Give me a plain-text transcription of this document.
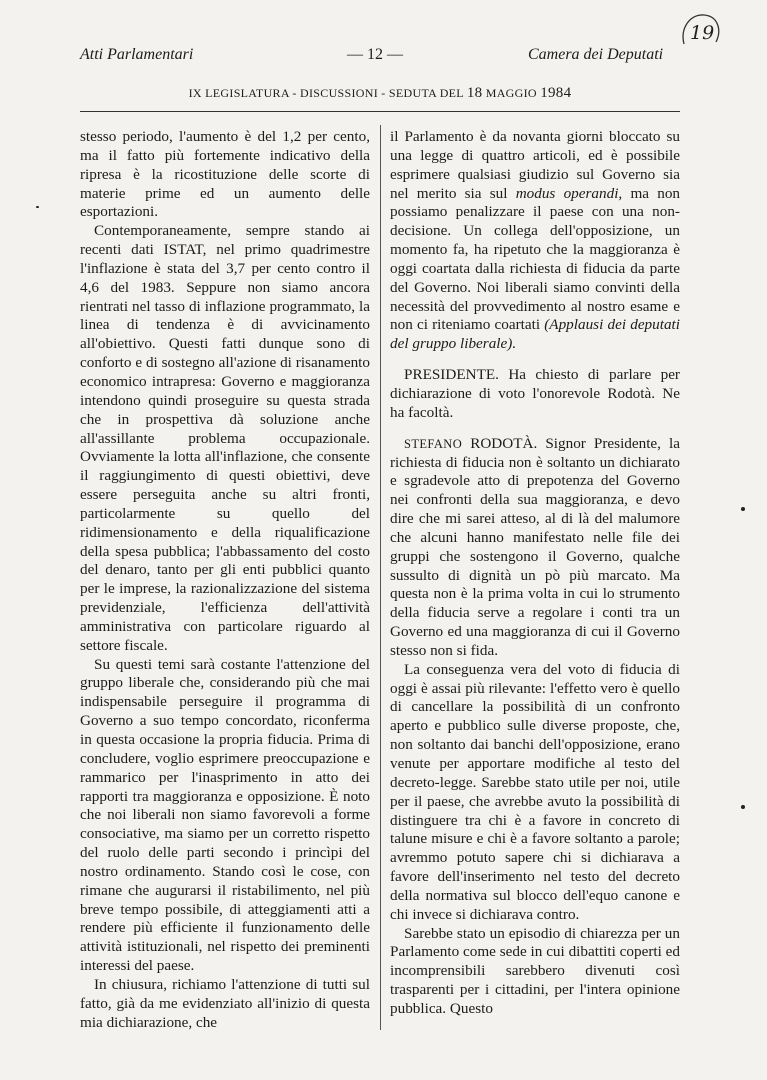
19
Atti Parlamentari	— 12 —	Camera dei Deputati
IX LEGISLATURA - DISCUSSIONI - SEDUTA DEL 18 MAGGIO 1984

stesso periodo, l'aumento è del 1,2 per cento, ma il fatto più fortemente indicativo della ripresa è la ricostituzione delle scorte di materie prime ed un aumento delle esportazioni.

Contemporaneamente, sempre stando ai recenti dati ISTAT, nel primo quadrimestre l'inflazione è stata del 3,7 per cento contro il 4,6 del 1983. Seppure non siamo ancora rientrati nel tasso di inflazione programmato, la linea di tendenza è di avvicinamento all'obiettivo. Questi fatti dunque sono di conforto e di sostegno all'azione di risanamento economico intrapresa: Governo e maggioranza intendono quindi proseguire su questa strada che in prospettiva dà soluzione anche all'assillante problema occupazionale. Ovviamente la lotta all'inflazione, che consente il raggiungimento di questi obiettivi, deve essere perseguita anche su altri fronti, particolarmente su quello del ridimensionamento e della riqualificazione della spesa pubblica; l'abbassamento del costo del denaro, tanto per gli enti pubblici quanto per le imprese, la razionalizzazione del sistema previdenziale, l'efficienza dell'attività amministrativa con particolare riguardo al settore fiscale.

Su questi temi sarà costante l'attenzione del gruppo liberale che, considerando più che mai indispensabile perseguire il programma di Governo a suo tempo concordato, riconferma in questa occasione la propria fiducia. Prima di concludere, voglio esprimere preoccupazione e rammarico per l'inasprimento in atto dei rapporti tra maggioranza e opposizione. È noto che noi liberali non siamo favorevoli a forme consociative, ma siamo per un corretto rispetto del ruolo delle parti secondo i princìpi del nostro ordinamento. Stando così le cose, con rimane che augurarsi il ristabilimento, nel più breve tempo possibile, di atteggiamenti atti a rendere più efficiente il funzionamento delle attività istituzionali, nel rispetto dei preminenti interessi del paese.

In chiusura, richiamo l'attenzione di tutti sul fatto, già da me evidenziato all'inizio di questa mia dichiarazione, che

il Parlamento è da novanta giorni bloccato su una legge di quattro articoli, ed è possibile esprimere qualsiasi giudizio sul Governo sia nel merito sia sul modus operandi, ma non possiamo penalizzare il paese con una non-decisione. Un collega dell'opposizione, un momento fa, ha ripetuto che la maggioranza è oggi coartata dalla richiesta di fiducia da parte del Governo. Noi liberali siamo convinti della necessità del provvedimento al nostro esame e non ci riteniamo coartati (Applausi dei deputati del gruppo liberale).

PRESIDENTE. Ha chiesto di parlare per dichiarazione di voto l'onorevole Rodotà. Ne ha facoltà.

STEFANO RODOTÀ. Signor Presidente, la richiesta di fiducia non è soltanto un dichiarato e sgradevole atto di prepotenza del Governo nei confronti della sua maggioranza, e devo dire che mi sarei atteso, al di là del malumore che alcuni hanno manifestato nelle file dei gruppi che sostengono il Governo, qualche sussulto di dignità un pò più marcato. Ma questa non è la prima volta in cui lo strumento della fiducia serve a regolare i conti tra un Governo ed una maggioranza di cui il Governo stesso non si fida.

La conseguenza vera del voto di fiducia di oggi è assai più rilevante: l'effetto vero è quello di cancellare la possibilità di un confronto aperto e pubblico sulle diverse proposte, che, non soltanto dai banchi dell'opposizione, erano venute per apportare modifiche al testo del decreto-legge. Sarebbe stato utile per noi, utile per il paese, che avrebbe avuto la possibilità di distinguere tra chi è a favore in concreto di talune misure e chi è a favore soltanto a parole; avremmo potuto sapere chi si dichiarava a favore dell'inserimento nel testo del decreto della normativa sul blocco dell'equo canone e chi invece si dichiarava contro.

Sarebbe stato un episodio di chiarezza per un Parlamento come sede in cui dibattiti coperti ed incomprensibili sarebbero divenuti così trasparenti per i cittadini, per l'intera opinione pubblica. Questo
